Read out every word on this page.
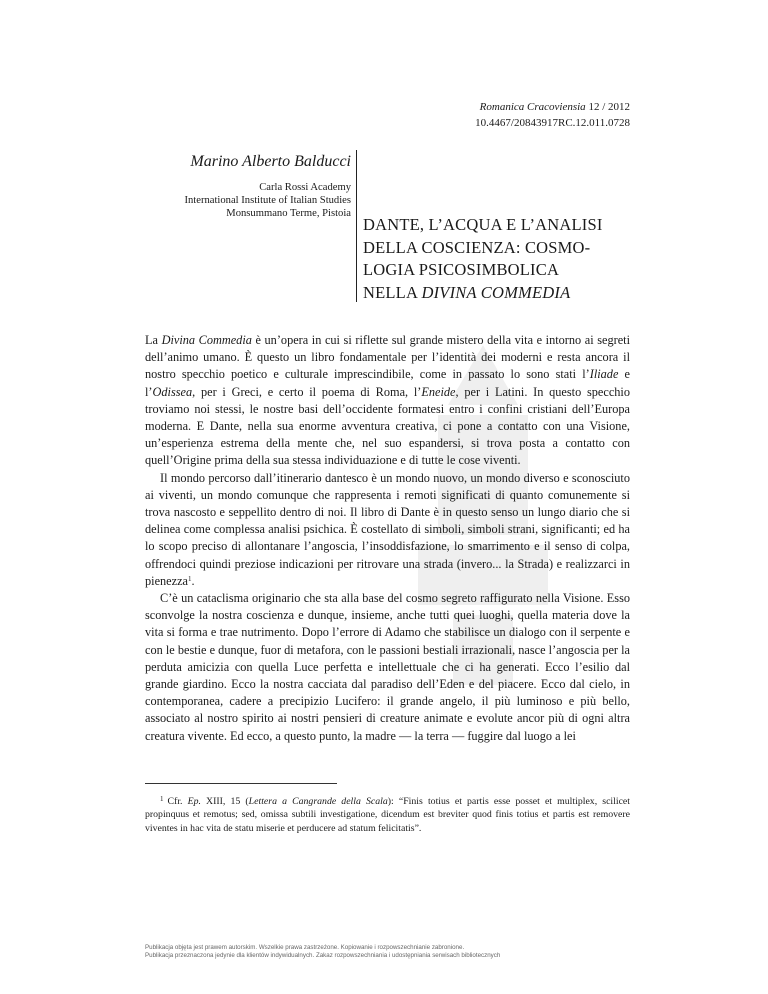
Romanica Cracoviensia 12 / 2012
10.4467/20843917RC.12.011.0728
Marino Alberto Balducci
Carla Rossi Academy
International Institute of Italian Studies
Monsummano Terme, Pistoia
DANTE, L’ACQUA E L’ANALISI
DELLA COSCIENZA: COSMO-
LOGIA PSICOSIMBOLICA
NELLA DIVINA COMMEDIA

La Divina Commedia è un’opera in cui si riflette sul grande mistero della vita e intorno ai segreti dell’animo umano. È questo un libro fondamentale per l’identità dei moderni e resta ancora il nostro specchio poetico e culturale imprescindibile, come in passato lo sono stati l’Iliade e l’Odissea, per i Greci, e certo il poema di Roma, l’Eneide, per i Latini. In questo specchio troviamo noi stessi, le nostre basi dell’occidente formatesi entro i confini cristiani dell’Europa moderna. E Dante, nella sua enorme avventura creativa, ci pone a contatto con una Visione, un’esperienza estrema della mente che, nel suo espandersi, si trova posta a contatto con quell’Origine prima della sua stessa individuazione e di tutte le cose viventi.

Il mondo percorso dall’itinerario dantesco è un mondo nuovo, un mondo diverso e sconosciuto ai viventi, un mondo comunque che rappresenta i remoti significati di quanto comunemente si trova nascosto e seppellito dentro di noi. Il libro di Dante è in questo senso un lungo diario che si delinea come complessa analisi psichica. È costellato di simboli, simboli strani, significanti; ed ha lo scopo preciso di allontanare l’angoscia, l’insoddisfazione, lo smarrimento e il senso di colpa, offrendoci quindi preziose indicazioni per ritrovare una strada (invero... la Strada) e realizzarci in pienezza$^1$.

C’è un cataclisma originario che sta alla base del cosmo segreto raffigurato nella Visione. Esso sconvolge la nostra coscienza e dunque, insieme, anche tutti quei luoghi, quella materia dove la vita si forma e trae nutrimento. Dopo l’errore di Adamo che stabilisce un dialogo con il serpente e con le bestie e dunque, fuor di metafora, con le passioni bestiali irrazionali, nasce l’angoscia per la perduta amicizia con quella Luce perfetta e intellettuale che ci ha generati. Ecco l’esilio dal grande giardino. Ecco la nostra cacciata dal paradiso dell’Eden e del piacere. Ecco dal cielo, in contemporanea, cadere a precipizio Lucifero: il grande angelo, il più luminoso e più bello, associato al nostro spirito ai nostri pensieri di creature animate e evolute ancor più di ogni altra creatura vivente. Ed ecco, a questo punto, la madre — la terra — fuggire dal luogo a lei

$^1$ Cfr. Ep. XIII, 15 (Lettera a Cangrande della Scala): “Finis totius et partis esse posset et multiplex, scilicet propinquus et remotus; sed, omissa subtili investigatione, dicendum est breviter quod finis totius et partis est removere viventes in hac vita de statu miserie et perducere ad statum felicitatis”.
Publikacja objęta jest prawem autorskim. Wszelkie prawa zastrzeżone. Kopiowanie i rozpowszechnianie zabronione.
Publikacja przeznaczona jedynie dla klientów indywidualnych. Zakaz rozpowszechniania i udostępniania serwisach bibliotecznych
